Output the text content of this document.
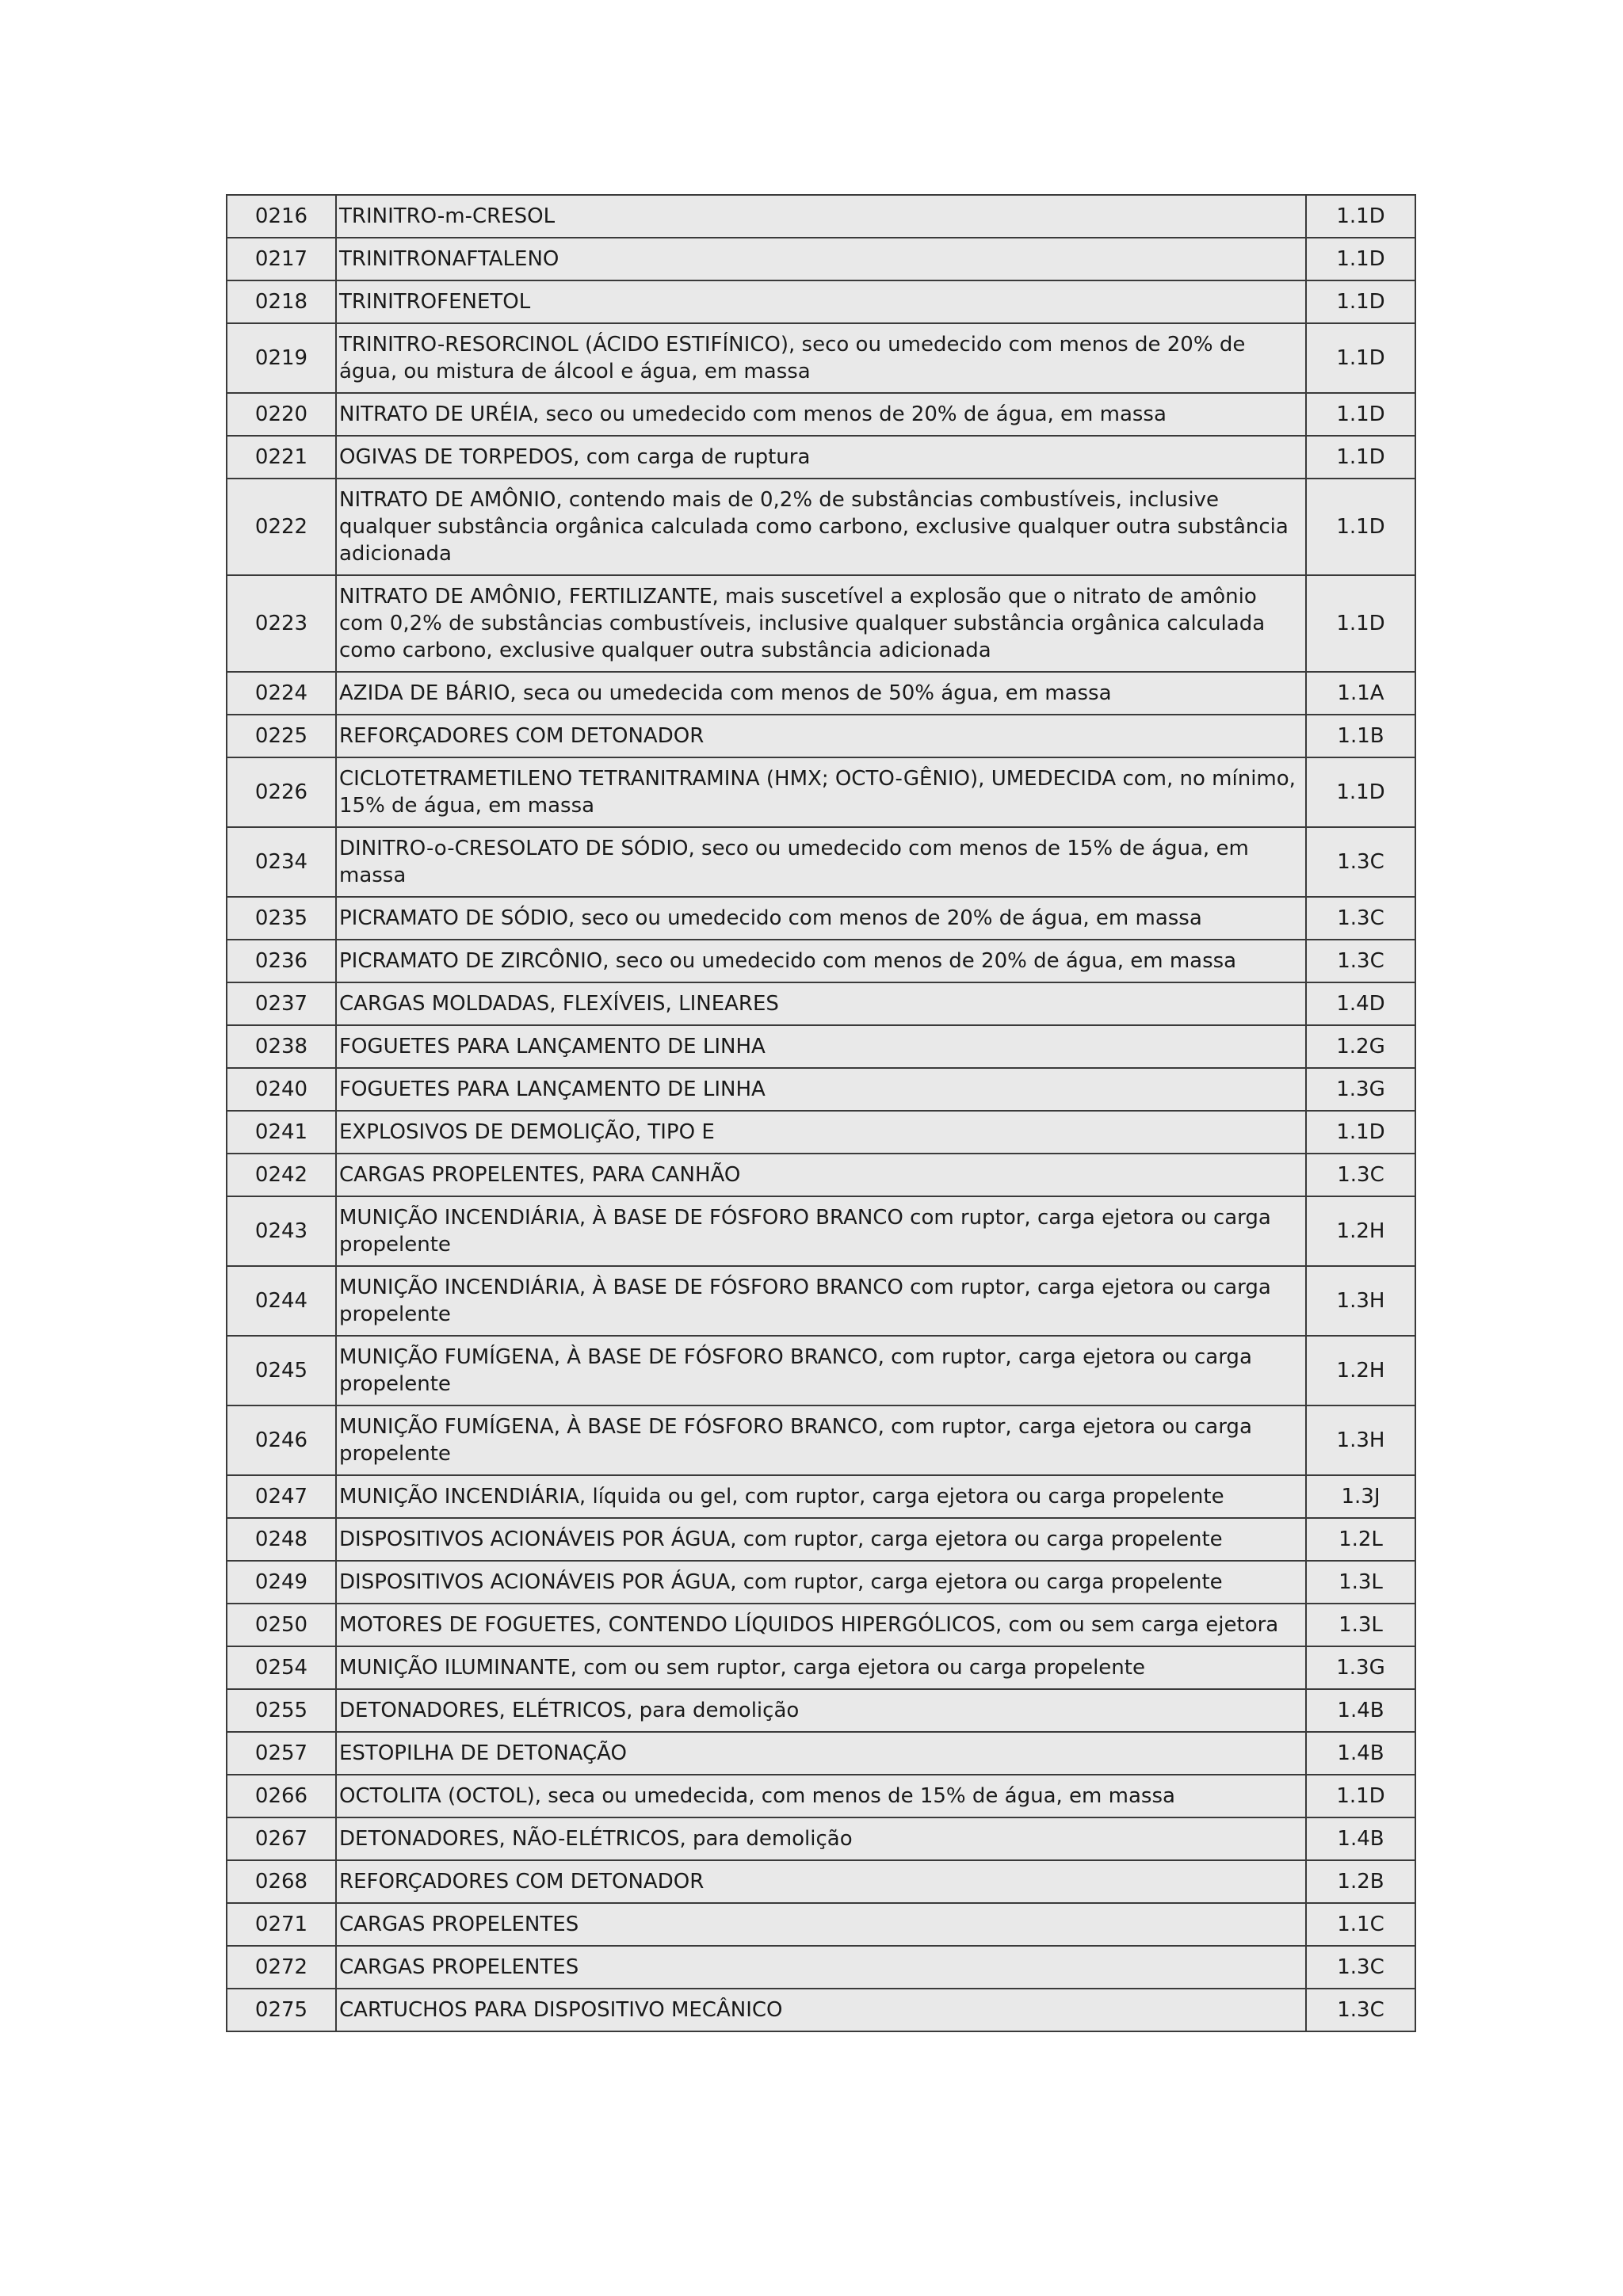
0216	TRINITRO-m-CRESOL	1.1D
0217	TRINITRONAFTALENO	1.1D
0218	TRINITROFENETOL	1.1D
0219	TRINITRO-RESORCINOL (ÁCIDO ESTIFÍNICO), seco ou umedecido com menos de 20% de água, ou mistura de álcool e água, em massa	1.1D
0220	NITRATO DE URÉIA, seco ou umedecido com menos de 20% de água, em massa	1.1D
0221	OGIVAS DE TORPEDOS, com carga de ruptura	1.1D
0222	NITRATO DE AMÔNIO, contendo mais de 0,2% de substâncias combustíveis, inclusive qualquer substância orgânica calculada como carbono, exclusive qualquer outra substância adicionada	1.1D
0223	NITRATO DE AMÔNIO, FERTILIZANTE, mais suscetível a explosão que o nitrato de amônio com 0,2% de substâncias combustíveis, inclusive qualquer substância orgânica calculada como carbono, exclusive qualquer outra substância adicionada	1.1D
0224	AZIDA DE BÁRIO, seca ou umedecida com menos de 50% água, em massa	1.1A
0225	REFORÇADORES COM DETONADOR	1.1B
0226	CICLOTETRAMETILENO TETRANITRAMINA (HMX; OCTO-GÊNIO), UMEDECIDA com, no mínimo, 15% de água, em massa	1.1D
0234	DINITRO-o-CRESOLATO DE SÓDIO, seco ou umedecido com menos de 15% de água, em massa	1.3C
0235	PICRAMATO DE SÓDIO, seco ou umedecido com menos de 20% de água, em massa	1.3C
0236	PICRAMATO DE ZIRCÔNIO, seco ou umedecido com menos de 20% de água, em massa	1.3C
0237	CARGAS MOLDADAS, FLEXÍVEIS, LINEARES	1.4D
0238	FOGUETES PARA LANÇAMENTO DE LINHA	1.2G
0240	FOGUETES PARA LANÇAMENTO DE LINHA	1.3G
0241	EXPLOSIVOS DE DEMOLIÇÃO, TIPO E	1.1D
0242	CARGAS PROPELENTES, PARA CANHÃO	1.3C
0243	MUNIÇÃO INCENDIÁRIA, À BASE DE FÓSFORO BRANCO com ruptor, carga ejetora ou carga propelente	1.2H
0244	MUNIÇÃO INCENDIÁRIA, À BASE DE FÓSFORO BRANCO com ruptor, carga ejetora ou carga propelente	1.3H
0245	MUNIÇÃO FUMÍGENA, À BASE DE FÓSFORO BRANCO, com ruptor, carga ejetora ou carga propelente	1.2H
0246	MUNIÇÃO FUMÍGENA, À BASE DE FÓSFORO BRANCO, com ruptor, carga ejetora ou carga propelente	1.3H
0247	MUNIÇÃO INCENDIÁRIA, líquida ou gel, com ruptor, carga ejetora ou carga propelente	1.3J
0248	DISPOSITIVOS ACIONÁVEIS POR ÁGUA, com ruptor, carga ejetora ou carga propelente	1.2L
0249	DISPOSITIVOS ACIONÁVEIS POR ÁGUA, com ruptor, carga ejetora ou carga propelente	1.3L
0250	MOTORES DE FOGUETES, CONTENDO LÍQUIDOS HIPERGÓLICOS, com ou sem carga ejetora	1.3L
0254	MUNIÇÃO ILUMINANTE, com ou sem ruptor, carga ejetora ou carga propelente	1.3G
0255	DETONADORES, ELÉTRICOS, para demolição	1.4B
0257	ESTOPILHA DE DETONAÇÃO	1.4B
0266	OCTOLITA (OCTOL), seca ou umedecida, com menos de 15% de água, em massa	1.1D
0267	DETONADORES, NÃO-ELÉTRICOS, para demolição	1.4B
0268	REFORÇADORES COM DETONADOR	1.2B
0271	CARGAS PROPELENTES	1.1C
0272	CARGAS PROPELENTES	1.3C
0275	CARTUCHOS PARA DISPOSITIVO MECÂNICO	1.3C
